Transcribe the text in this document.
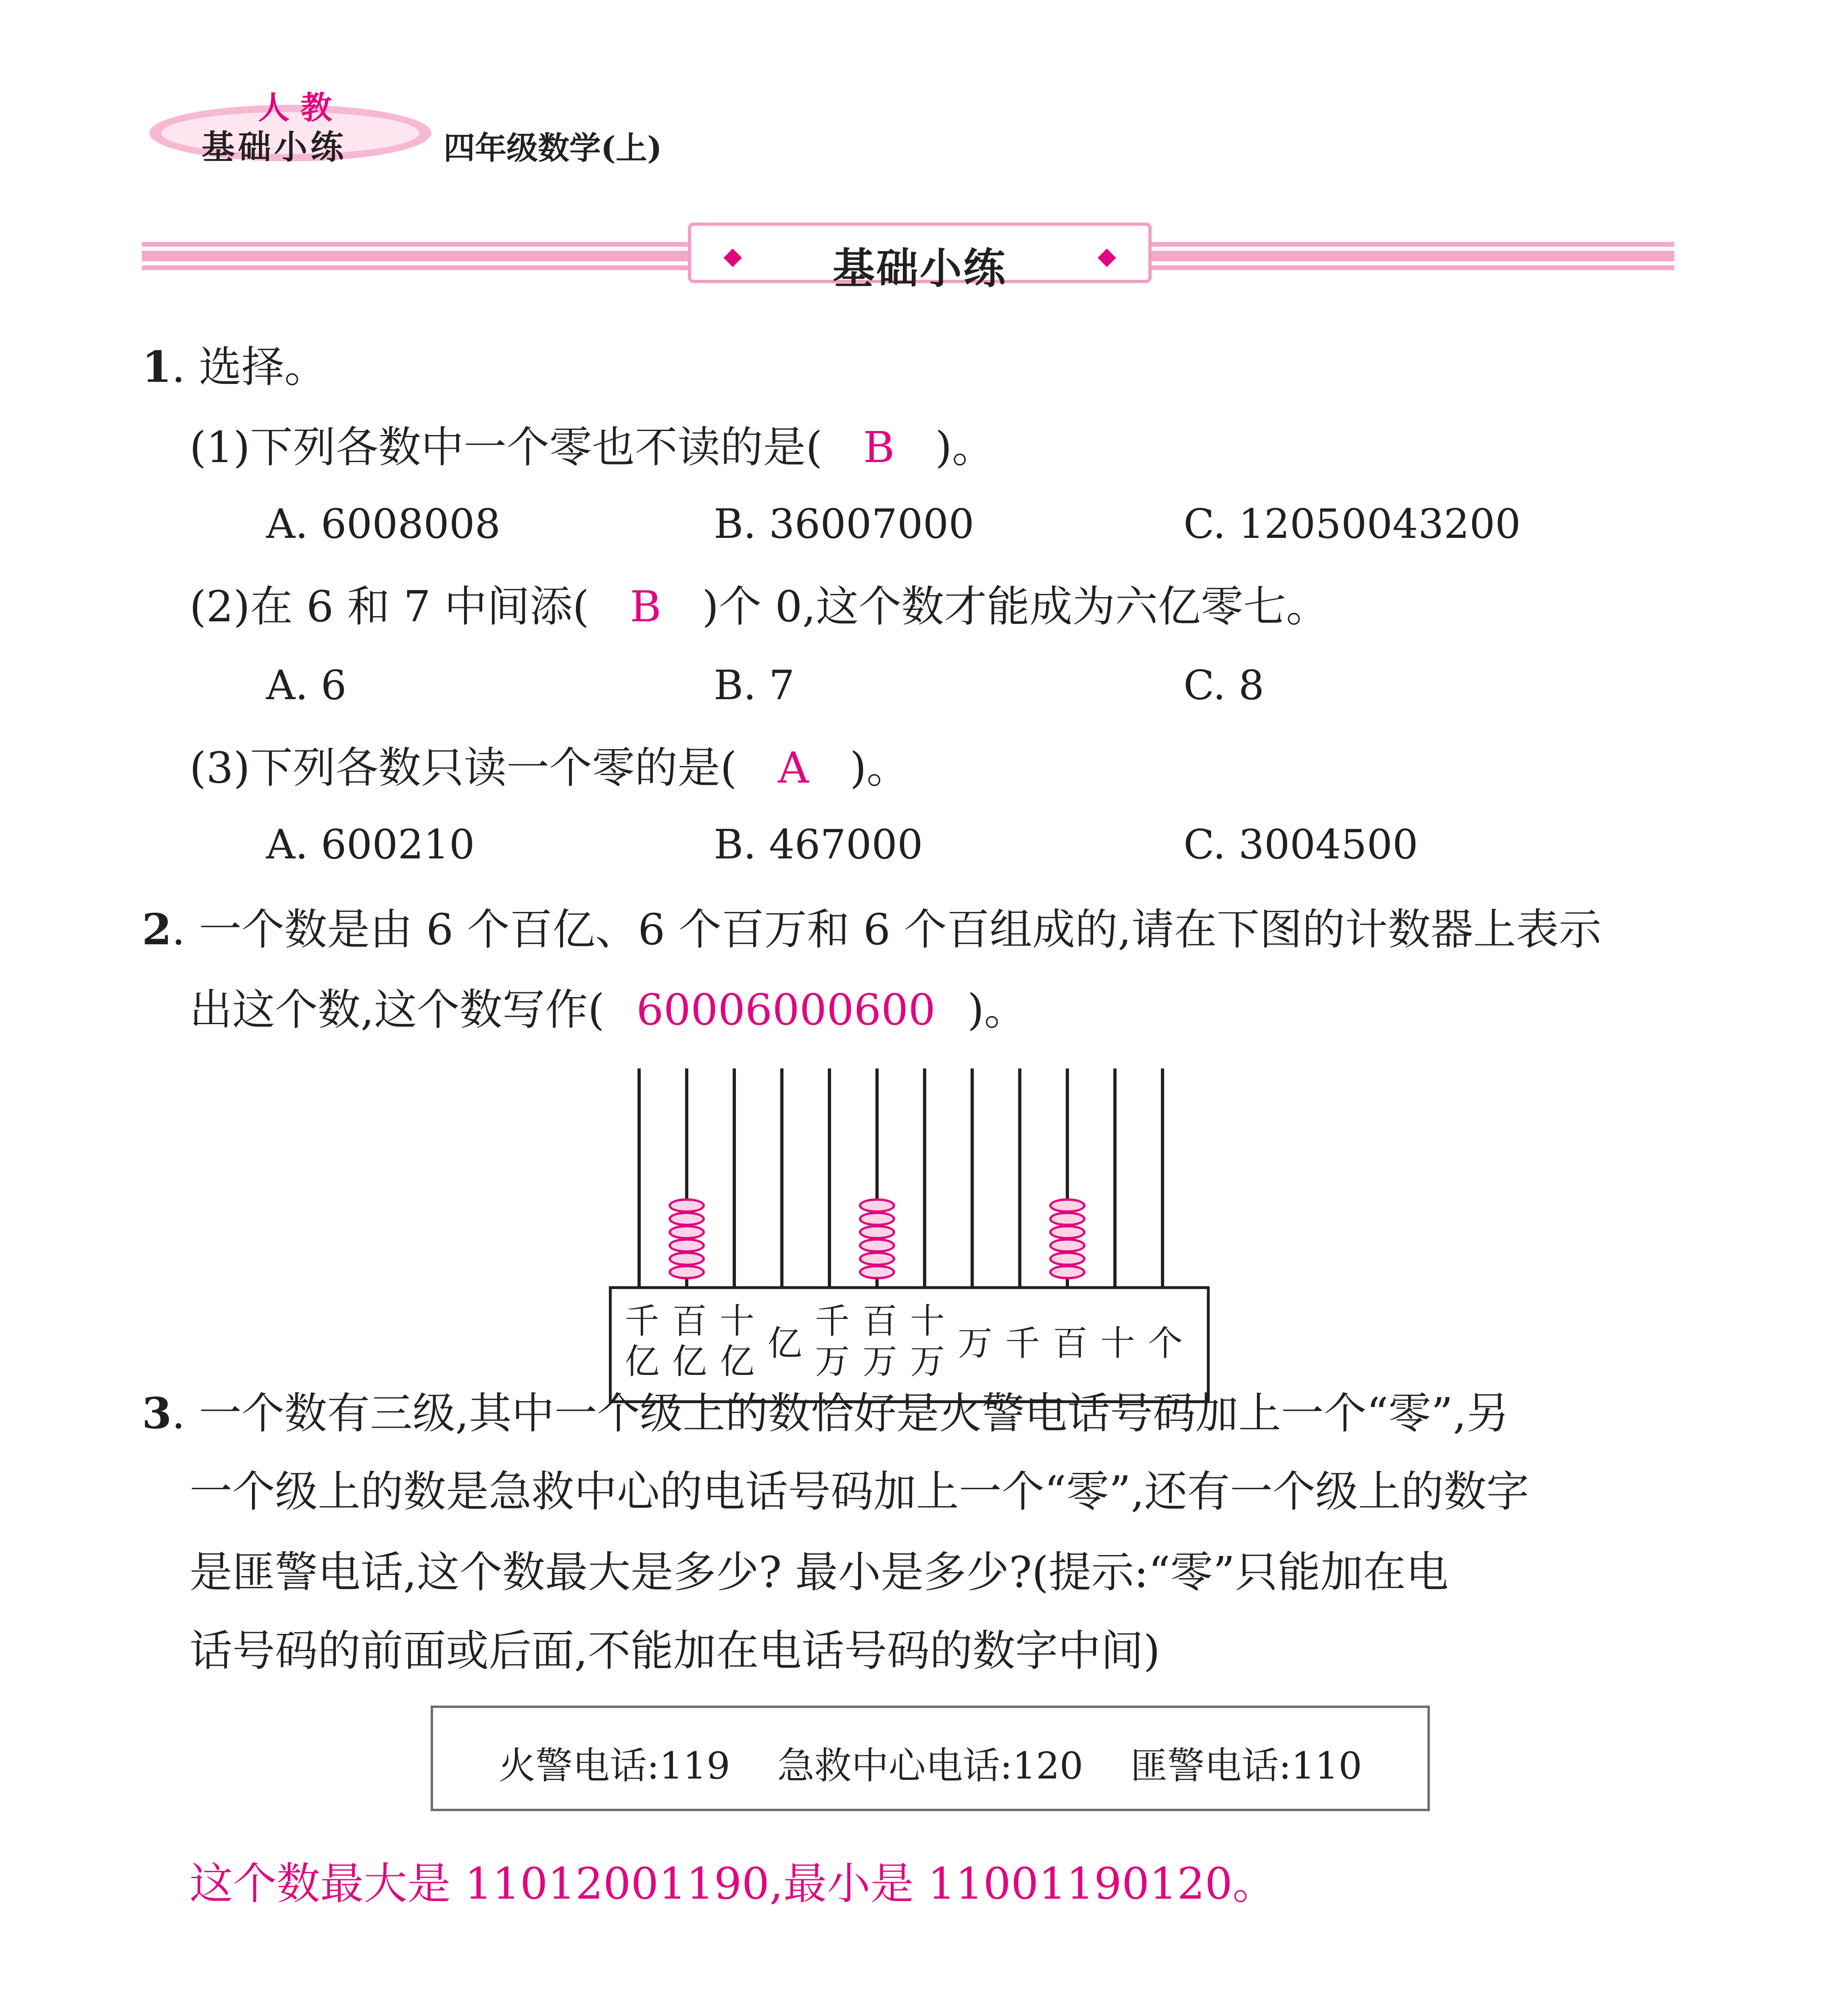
人 教
基础小练	四年级数学(上)
◆	基础小练	◆
1. 选择。
(1)下列各数中一个零也不读的是( B )。
A. 6008008	B. 36007000	C. 12050043200
(2)在 6 和 7 中间添( B )个 0,这个数才能成为六亿零七。
A. 6	B. 7	C. 8
(3)下列各数只读一个零的是( A )。
A. 600210	B. 467000	C. 3004500
2. 一个数是由 6 个百亿、6 个百万和 6 个百组成的,请在下图的计数器上表示
出这个数,这个数写作( 60006000600 )。
千
亿
百
亿
十
亿 亿
千
万
百
万
十
万 万 千 百 十 个
3. 一个数有三级,其中一个级上的数恰好是火警电话号码加上一个“零”,另
一个级上的数是急救中心的电话号码加上一个“零”,还有一个级上的数字
是匪警电话,这个数最大是多少? 最小是多少?(提示:“零”只能加在电
话号码的前面或后面,不能加在电话号码的数字中间)
火警电话:119    急救中心电话:120    匪警电话:110
这个数最大是 11012001190,最小是 11001190120。
